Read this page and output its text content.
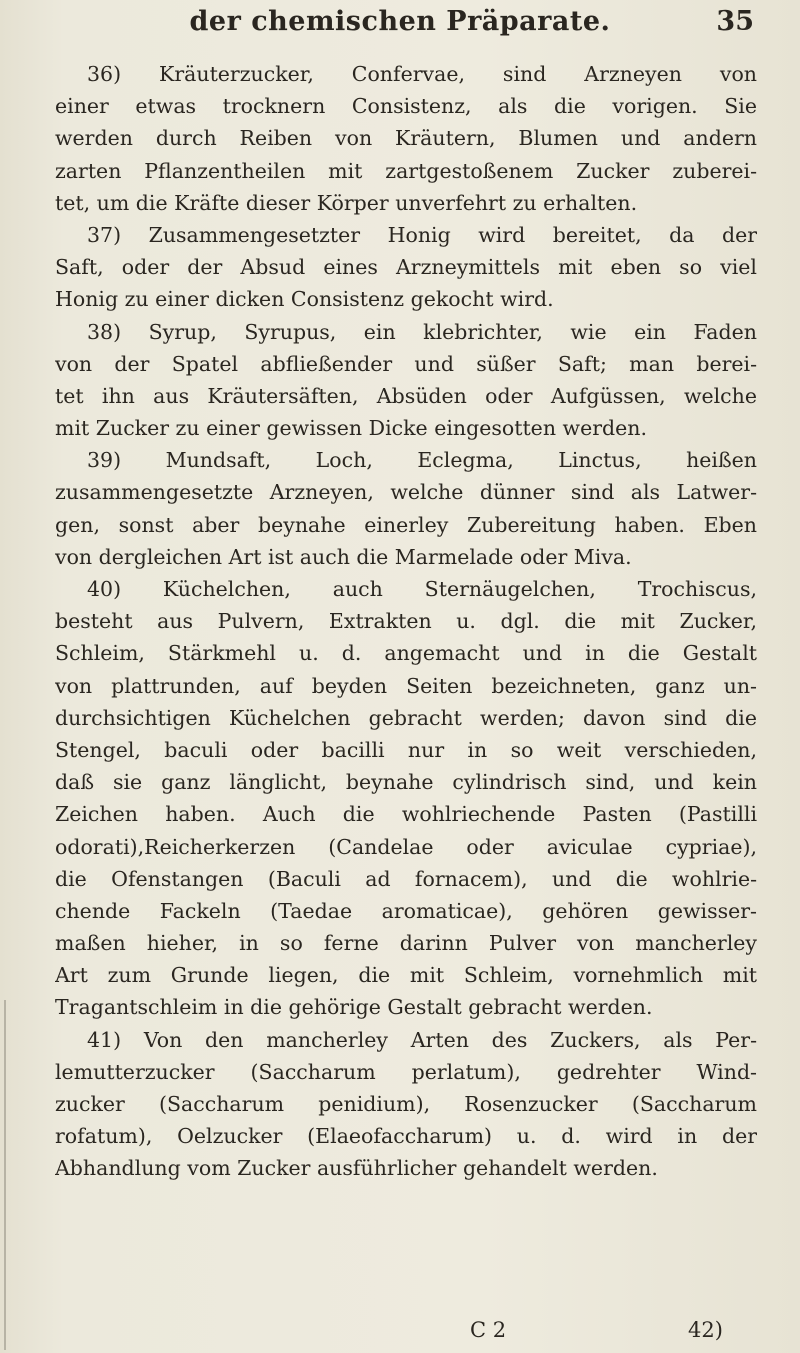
der chemischen Präparate.	35
36) Kräuterzucker, Confervae, sind Arzneyen von
einer etwas trocknern Consistenz, als die vorigen. Sie
werden durch Reiben von Kräutern, Blumen und andern
zarten Pflanzentheilen mit zartgestoßenem Zucker zuberei-
tet, um die Kräfte dieser Körper unverfehrt zu erhalten.
37) Zusammengesetzter Honig wird bereitet, da der
Saft, oder der Absud eines Arzneymittels mit eben so viel
Honig zu einer dicken Consistenz gekocht wird.
38) Syrup, Syrupus, ein klebrichter, wie ein Faden
von der Spatel abfließender und süßer Saft; man berei-
tet ihn aus Kräutersäften, Absüden oder Aufgüssen, welche
mit Zucker zu einer gewissen Dicke eingesotten werden.
39) Mundsaft, Loch, Eclegma, Linctus, heißen
zusammengesetzte Arzneyen, welche dünner sind als Latwer-
gen, sonst aber beynahe einerley Zubereitung haben. Eben
von dergleichen Art ist auch die Marmelade oder Miva.
40) Küchelchen, auch Sternäugelchen, Trochiscus,
besteht aus Pulvern, Extrakten u. dgl. die mit Zucker,
Schleim, Stärkmehl u. d. angemacht und in die Gestalt
von plattrunden, auf beyden Seiten bezeichneten, ganz un-
durchsichtigen Küchelchen gebracht werden; davon sind die
Stengel, baculi oder bacilli nur in so weit verschieden,
daß sie ganz länglicht, beynahe cylindrisch sind, und kein
Zeichen haben. Auch die wohlriechende Pasten (Pastilli
odorati),Reicherkerzen (Candelae oder aviculae cypriae),
die Ofenstangen (Baculi ad fornacem), und die wohlrie-
chende Fackeln (Taedae aromaticae), gehören gewisser-
maßen hieher, in so ferne darinn Pulver von mancherley
Art zum Grunde liegen, die mit Schleim, vornehmlich mit
Tragantschleim in die gehörige Gestalt gebracht werden.
41) Von den mancherley Arten des Zuckers, als Per-
lemutterzucker (Saccharum perlatum), gedrehter Wind-
zucker (Saccharum penidium), Rosenzucker (Saccharum
rofatum), Oelzucker (Elaeofaccharum) u. d. wird in der
Abhandlung vom Zucker ausführlicher gehandelt werden.
C 2	42)
